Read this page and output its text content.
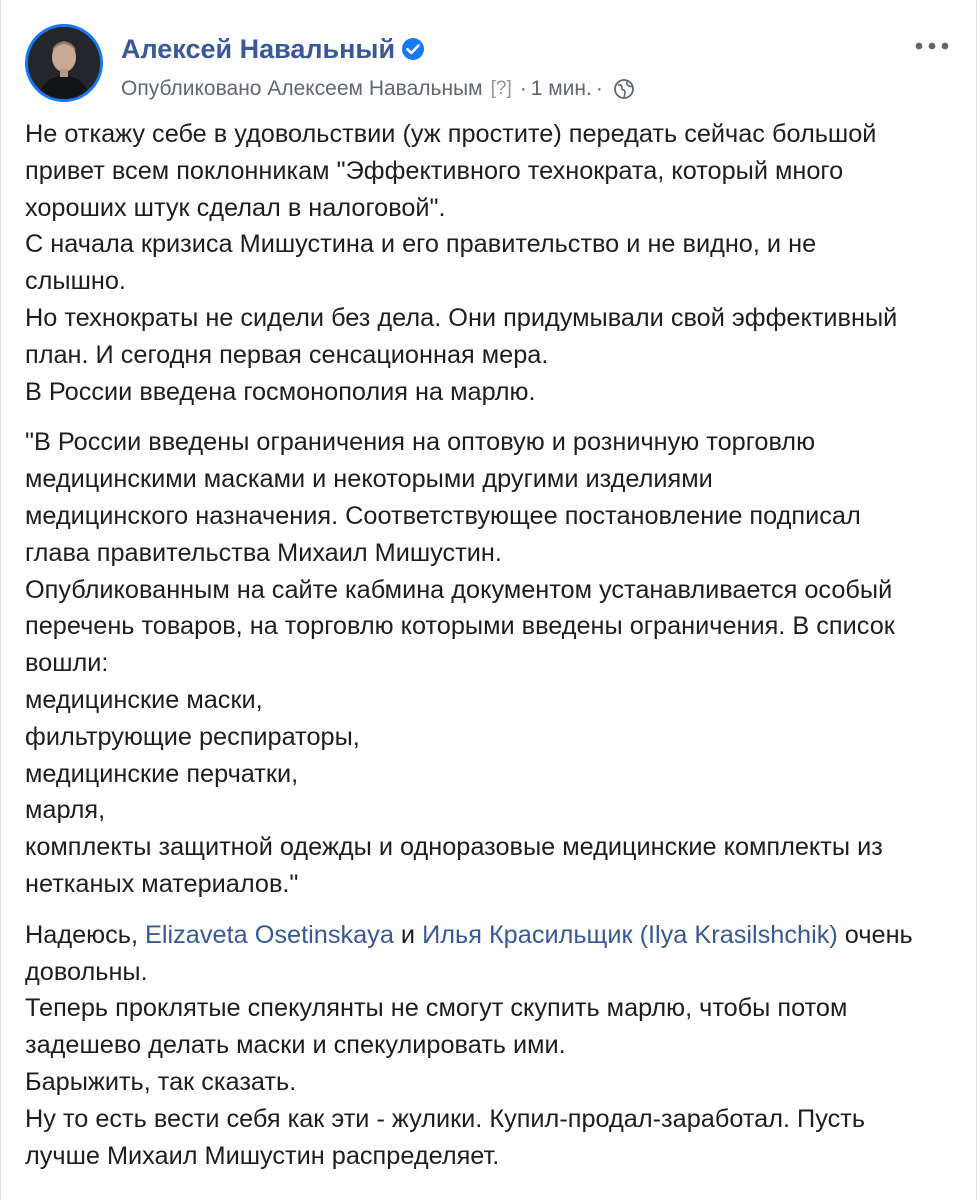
Алексей Навальный
Опубликовано Алексеем Навальным [?] · 1 мин. ·

Не откажу себе в удовольствии (уж простите) передать сейчас большой

привет всем поклонникам "Эффективного технократа, который много

хороших штук сделал в налоговой".

С начала кризиса Мишустина и его правительство и не видно, и не

слышно.

Но технократы не сидели без дела. Они придумывали свой эффективный

план. И сегодня первая сенсационная мера.

В России введена госмонополия на марлю.

"В России введены ограничения на оптовую и розничную торговлю

медицинскими масками и некоторыми другими изделиями

медицинского назначения. Соответствующее постановление подписал

глава правительства Михаил Мишустин.

Опубликованным на сайте кабмина документом устанавливается особый

перечень товаров, на торговлю которыми введены ограничения. В список

вошли:

медицинские маски,

фильтрующие респираторы,

медицинские перчатки,

марля,

комплекты защитной одежды и одноразовые медицинские комплекты из

нетканых материалов."

Надеюсь, Elizaveta Osetinskaya и Илья Красильщик (Ilya Krasilshchik) очень

довольны.

Теперь проклятые спекулянты не смогут скупить марлю, чтобы потом

задешево делать маски и спекулировать ими.

Барыжить, так сказать.

Ну то есть вести себя как эти - жулики. Купил-продал-заработал. Пусть

лучше Михаил Мишустин распределяет.
